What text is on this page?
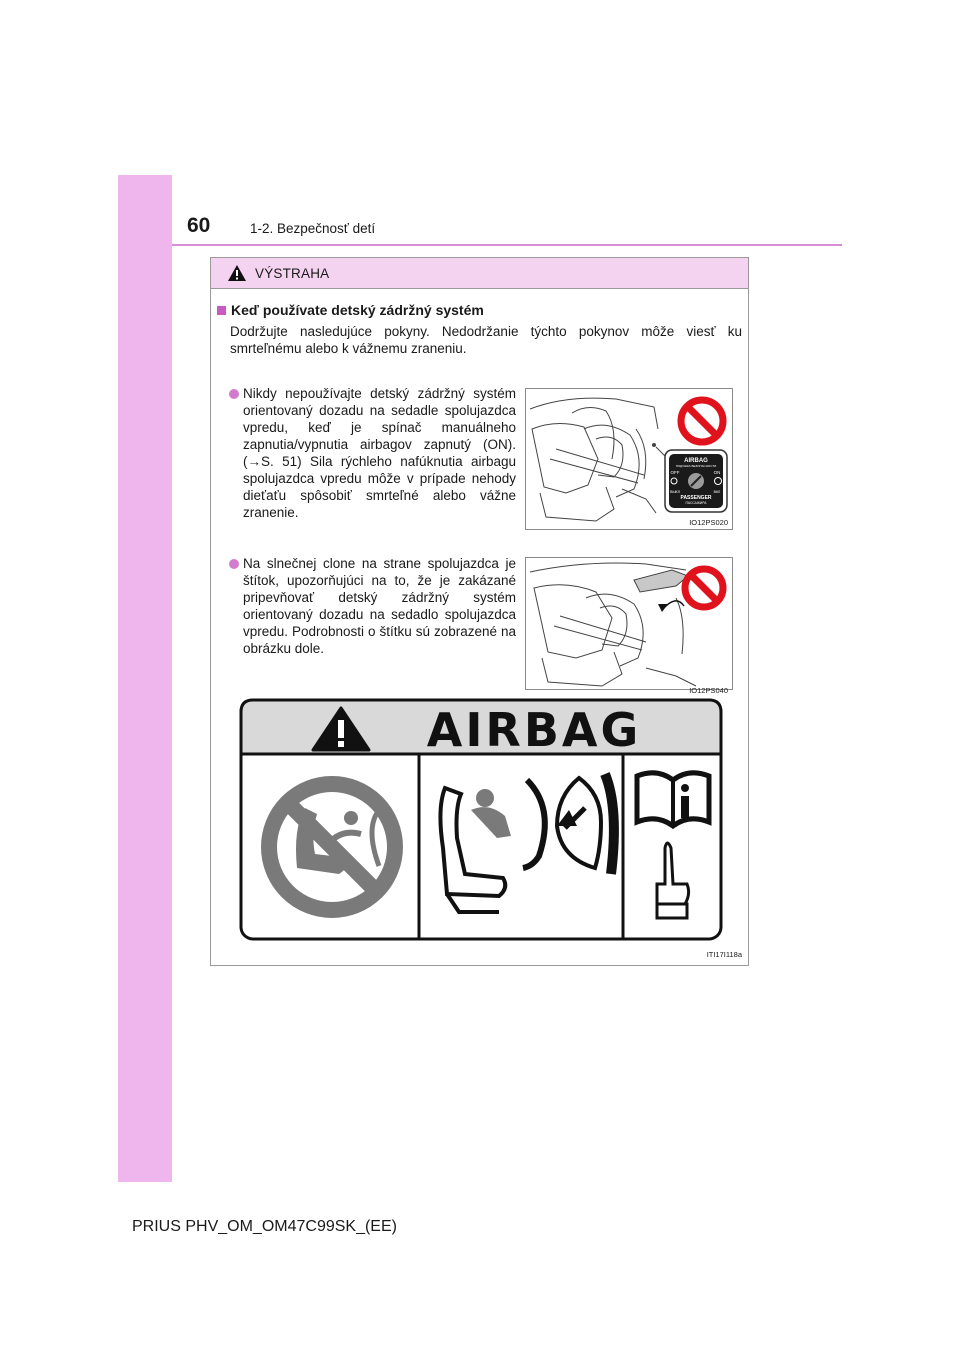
60	1-2. Bezpečnosť detí
VÝSTRAHA
Keď používate detský zádržný systém
Dodržujte nasledujúce pokyny. Nedodržanie týchto pokynov môže viesť ku smrteľnému alebo k vážnemu zraneniu.
Nikdy nepoužívajte detský zádržný systém orientovaný dozadu na sedadle spolujazdca vpredu, keď je spínač manuálneho zapnutia/vypnutia airbagov zapnutý (ON). (→S. 51) Sila rýchleho nafúknutia airbagu spolujazdca vpredu môže v prípade nehody dieťaťu spôsobiť smrteľné alebo vážne zranenie.
AIRBAG
ПОДУШКА БЕЗОПАСНОСТИ
OFF	ON
ВЫКЛ	ВКЛ
PASSENGER
ПАССАЖИРА
IO12PS020
Na slnečnej clone na strane spolujazdca je štítok, upozorňujúci na to, že je zakázané pripevňovať detský zádržný systém orientovaný dozadu na sedadlo spolujazdca vpredu. Podrobnosti o štítku sú zobrazené na obrázku dole.
IO12PS040
AIRBAG
ITI17I118a
PRIUS PHV_OM_OM47C99SK_(EE)
